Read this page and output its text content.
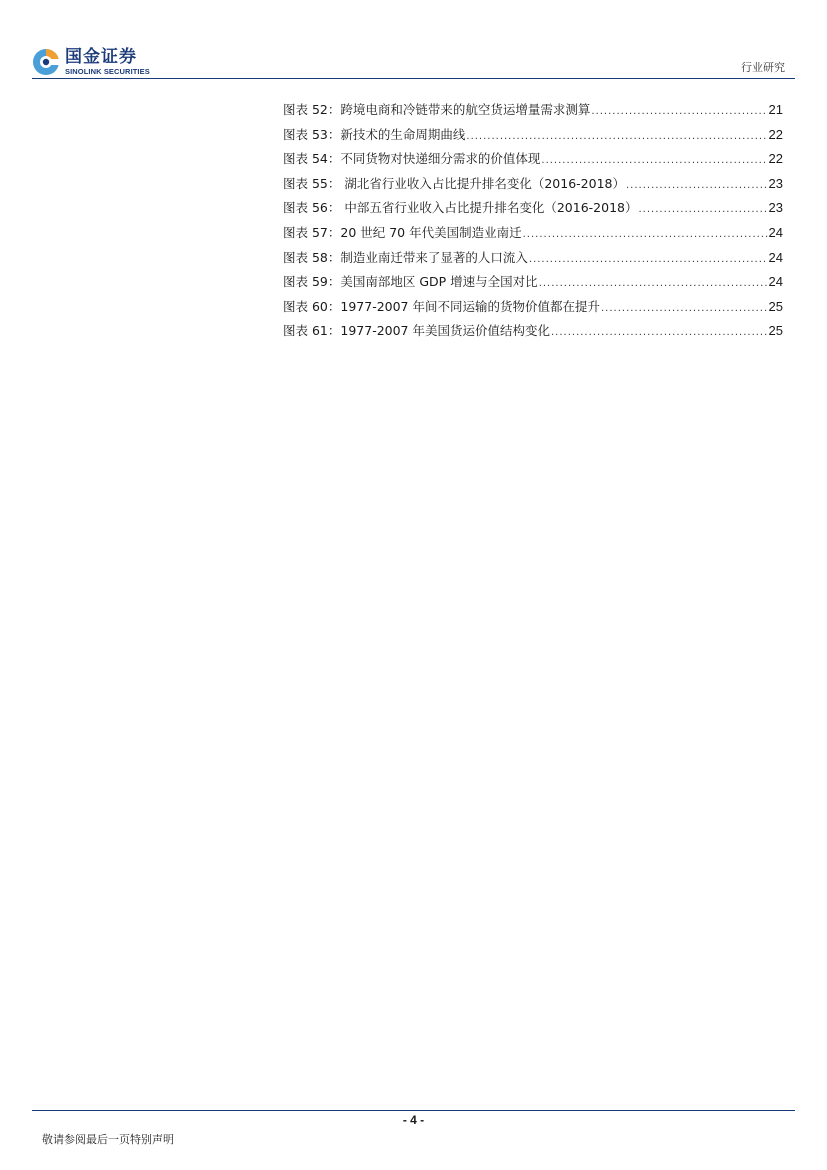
国金证券
SINOLINK SECURITIES	行业研究
图表 52：跨境电商和冷链带来的航空货运增量需求测算 .....	21
图表 53：新技术的生命周期曲线 .....	22
图表 54：不同货物对快递细分需求的价值体现 .....	22
图表 55： 湖北省行业收入占比提升排名变化（2016-2018） .....	23
图表 56： 中部五省行业收入占比提升排名变化（2016-2018） .....	23
图表 57：20 世纪 70 年代美国制造业南迁 .....	24
图表 58：制造业南迁带来了显著的人口流入 .....	24
图表 59：美国南部地区 GDP 增速与全国对比 .....	24
图表 60：1977-2007 年间不同运输的货物价值都在提升 .....	25
图表 61：1977-2007 年美国货运价值结构变化 .....	25
- 4 -
敬请参阅最后一页特别声明
